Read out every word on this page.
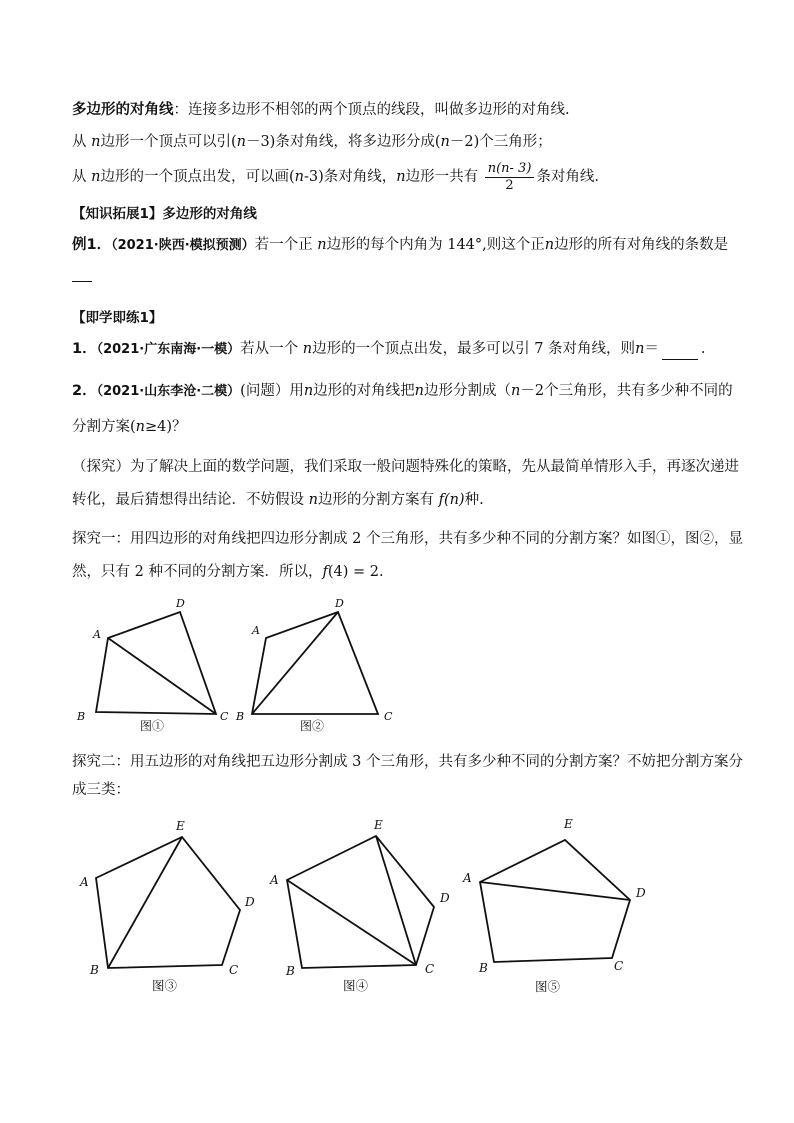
多边形的对角线：连接多边形不相邻的两个顶点的线段，叫做多边形的对角线.
从 n边形一个顶点可以引(n－3)条对角线，将多边形分成(n－2)个三角形；
从 n边形的一个顶点出发，可以画(n-3)条对角线，n边形一共有 $\frac{n(n- 3)}{2}$ 条对角线.
【知识拓展1】多边形的对角线
例1．（2021·陕西·模拟预测）若一个正 n边形的每个内角为 144°,则这个正n边形的所有对角线的条数是
【即学即练1】
1．（2021·广东南海·一模）若从一个 n边形的一个顶点出发，最多可以引 7 条对角线，则n＝	.
2．（2021·山东李沧·二模）(问题）用n边形的对角线把n边形分割成（n－2个三角形，共有多少种不同的
分割方案(n≥4)？
（探究）为了解决上面的数学问题，我们采取一般问题特殊化的策略，先从最简单情形入手，再逐次递进
转化，最后猜想得出结论．不妨假设 n边形的分割方案有 f(n)种.
探究一：用四边形的对角线把四边形分割成 2 个三角形，共有多少种不同的分割方案？如图①，图②，显
然，只有 2 种不同的分割方案．所以，f(4) = 2.
A
D
C
B
A
D
C
B
图①	图②
探究二：用五边形的对角线把五边形分割成 3 个三角形，共有多少种不同的分割方案？不妨把分割方案分
成三类：
A
E
D
C
B
A
E
D
C
B
A
E
D
C
B
图③	图④	图⑤
